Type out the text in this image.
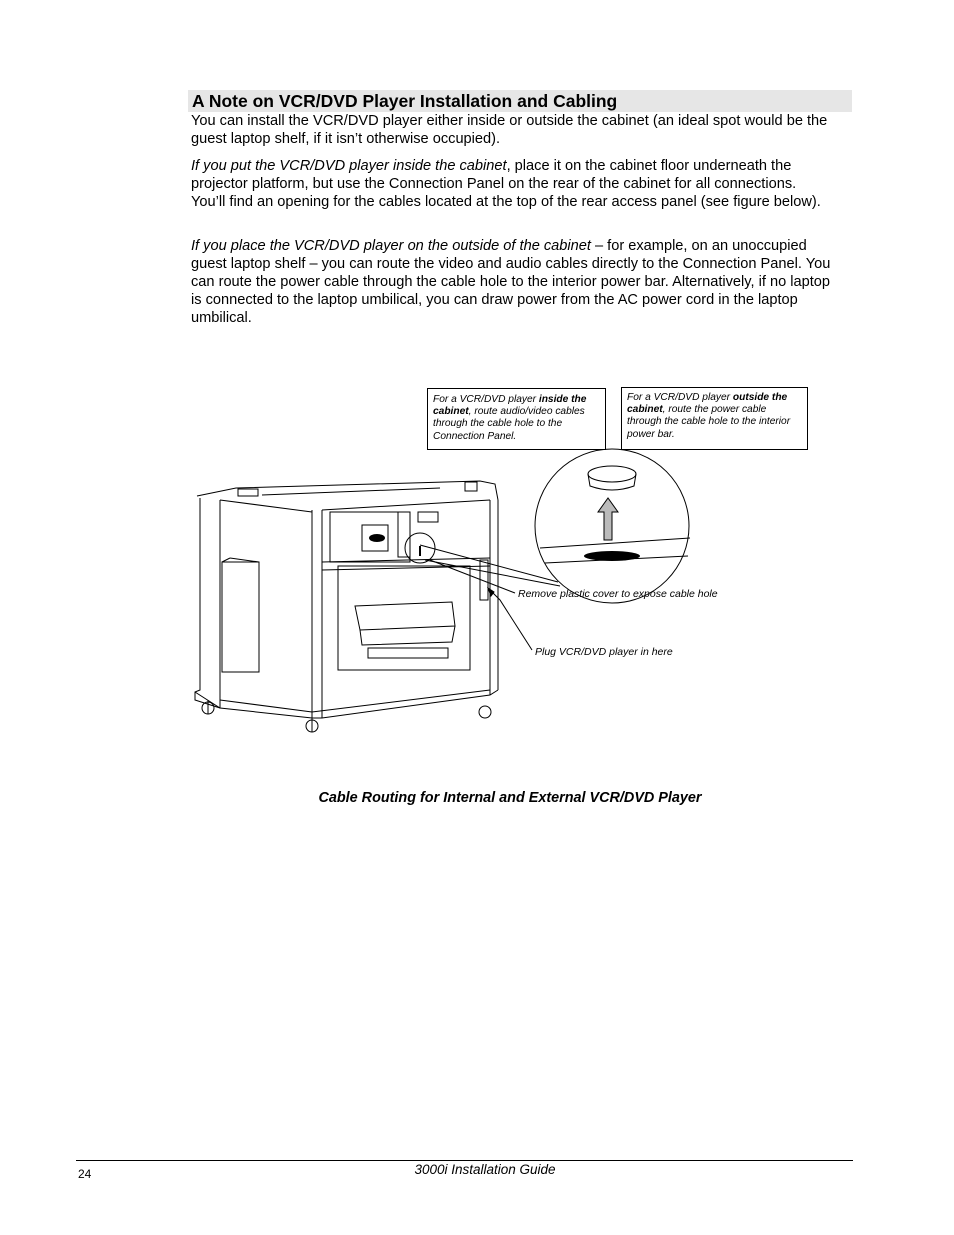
A Note on VCR/DVD Player Installation and Cabling

You can install the VCR/DVD player either inside or outside the cabinet (an ideal spot would be the guest laptop shelf, if it isn’t otherwise occupied).

If you put the VCR/DVD player inside the cabinet, place it on the cabinet floor underneath the projector platform, but use the Connection Panel on the rear of the cabinet for all connections. You’ll find an opening for the cables located at the top of the rear access panel (see figure below).

If you place the VCR/DVD player on the outside of the cabinet – for example, on an unoccupied guest laptop shelf – you can route the video and audio cables directly to the Connection Panel. You can route the power cable through the cable hole to the interior power bar. Alternatively, if no laptop is connected to the laptop umbilical, you can draw power from the AC power cord in the laptop umbilical.

For a VCR/DVD player inside the cabinet, route audio/video cables through the cable hole to the Connection Panel.
For a VCR/DVD player outside the cabinet, route the power cable through the cable hole to the interior power bar.
Remove plastic cover to expose cable hole
Plug VCR/DVD player in here
Cable Routing for Internal and External VCR/DVD Player
24	3000i Installation Guide
